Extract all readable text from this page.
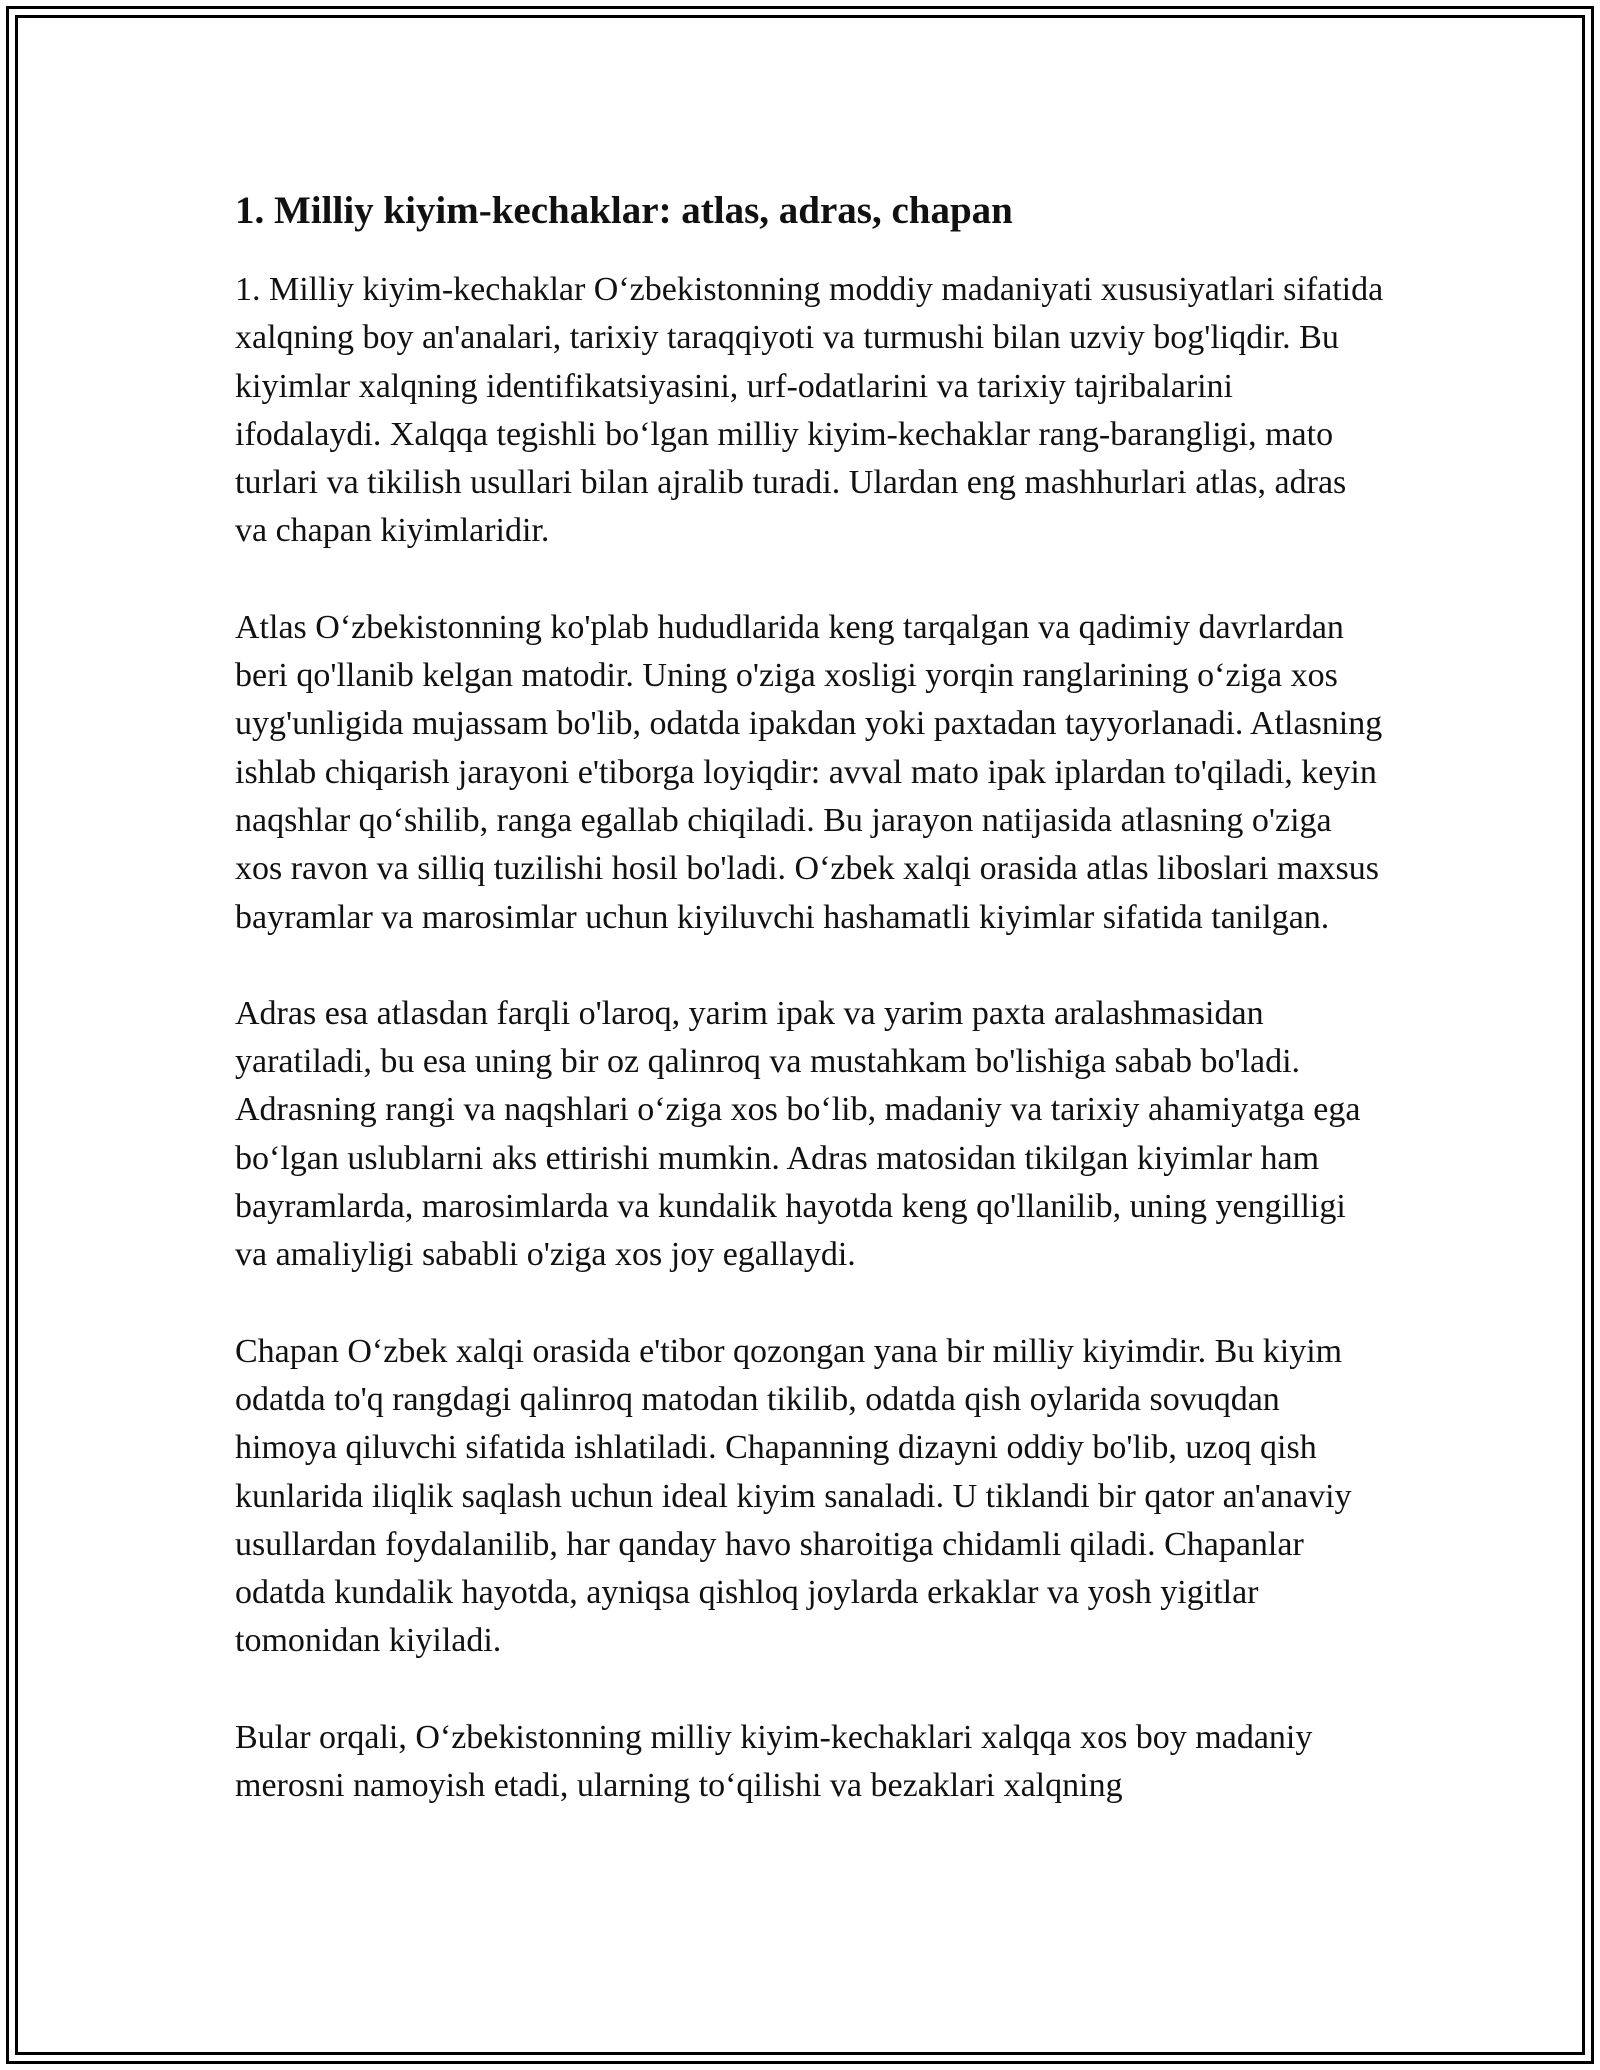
1. Milliy kiyim-kechaklar: atlas, adras, chapan

1. Milliy kiyim-kechaklar O‘zbekistonning moddiy madaniyati xususiyatlari sifatida xalqning boy an'analari, tarixiy taraqqiyoti va turmushi bilan uzviy bog'liqdir. Bu kiyimlar xalqning identifikatsiyasini, urf-odatlarini va tarixiy tajribalarini ifodalaydi. Xalqqa tegishli bo‘lgan milliy kiyim-kechaklar rang-barangligi, mato turlari va tikilish usullari bilan ajralib turadi. Ulardan eng mashhurlari atlas, adras va chapan kiyimlaridir.

Atlas O‘zbekistonning ko'plab hududlarida keng tarqalgan va qadimiy davrlardan beri qo'llanib kelgan matodir. Uning o'ziga xosligi yorqin ranglarining o‘ziga xos uyg'unligida mujassam bo'lib, odatda ipakdan yoki paxtadan tayyorlanadi. Atlasning ishlab chiqarish jarayoni e'tiborga loyiqdir: avval mato ipak iplardan to'qiladi, keyin naqshlar qo‘shilib, ranga egallab chiqiladi. Bu jarayon natijasida atlasning o'ziga xos ravon va silliq tuzilishi hosil bo'ladi. O‘zbek xalqi orasida atlas liboslari maxsus bayramlar va marosimlar uchun kiyiluvchi hashamatli kiyimlar sifatida tanilgan.

Adras esa atlasdan farqli o'laroq, yarim ipak va yarim paxta aralashmasidan yaratiladi, bu esa uning bir oz qalinroq va mustahkam bo'lishiga sabab bo'ladi. Adrasning rangi va naqshlari o‘ziga xos bo‘lib, madaniy va tarixiy ahamiyatga ega bo‘lgan uslublarni aks ettirishi mumkin. Adras matosidan tikilgan kiyimlar ham bayramlarda, marosimlarda va kundalik hayotda keng qo'llanilib, uning yengilligi va amaliyligi sababli o'ziga xos joy egallaydi.

Chapan O‘zbek xalqi orasida e'tibor qozongan yana bir milliy kiyimdir. Bu kiyim odatda to'q rangdagi qalinroq matodan tikilib, odatda qish oylarida sovuqdan himoya qiluvchi sifatida ishlatiladi. Chapanning dizayni oddiy bo'lib, uzoq qish kunlarida iliqlik saqlash uchun ideal kiyim sanaladi. U tiklandi bir qator an'anaviy usullardan foydalanilib, har qanday havo sharoitiga chidamli qiladi. Chapanlar odatda kundalik hayotda, ayniqsa qishloq joylarda erkaklar va yosh yigitlar tomonidan kiyiladi.

Bular orqali, O‘zbekistonning milliy kiyim-kechaklari xalqqa xos boy madaniy merosni namoyish etadi, ularning to‘qilishi va bezaklari xalqning
